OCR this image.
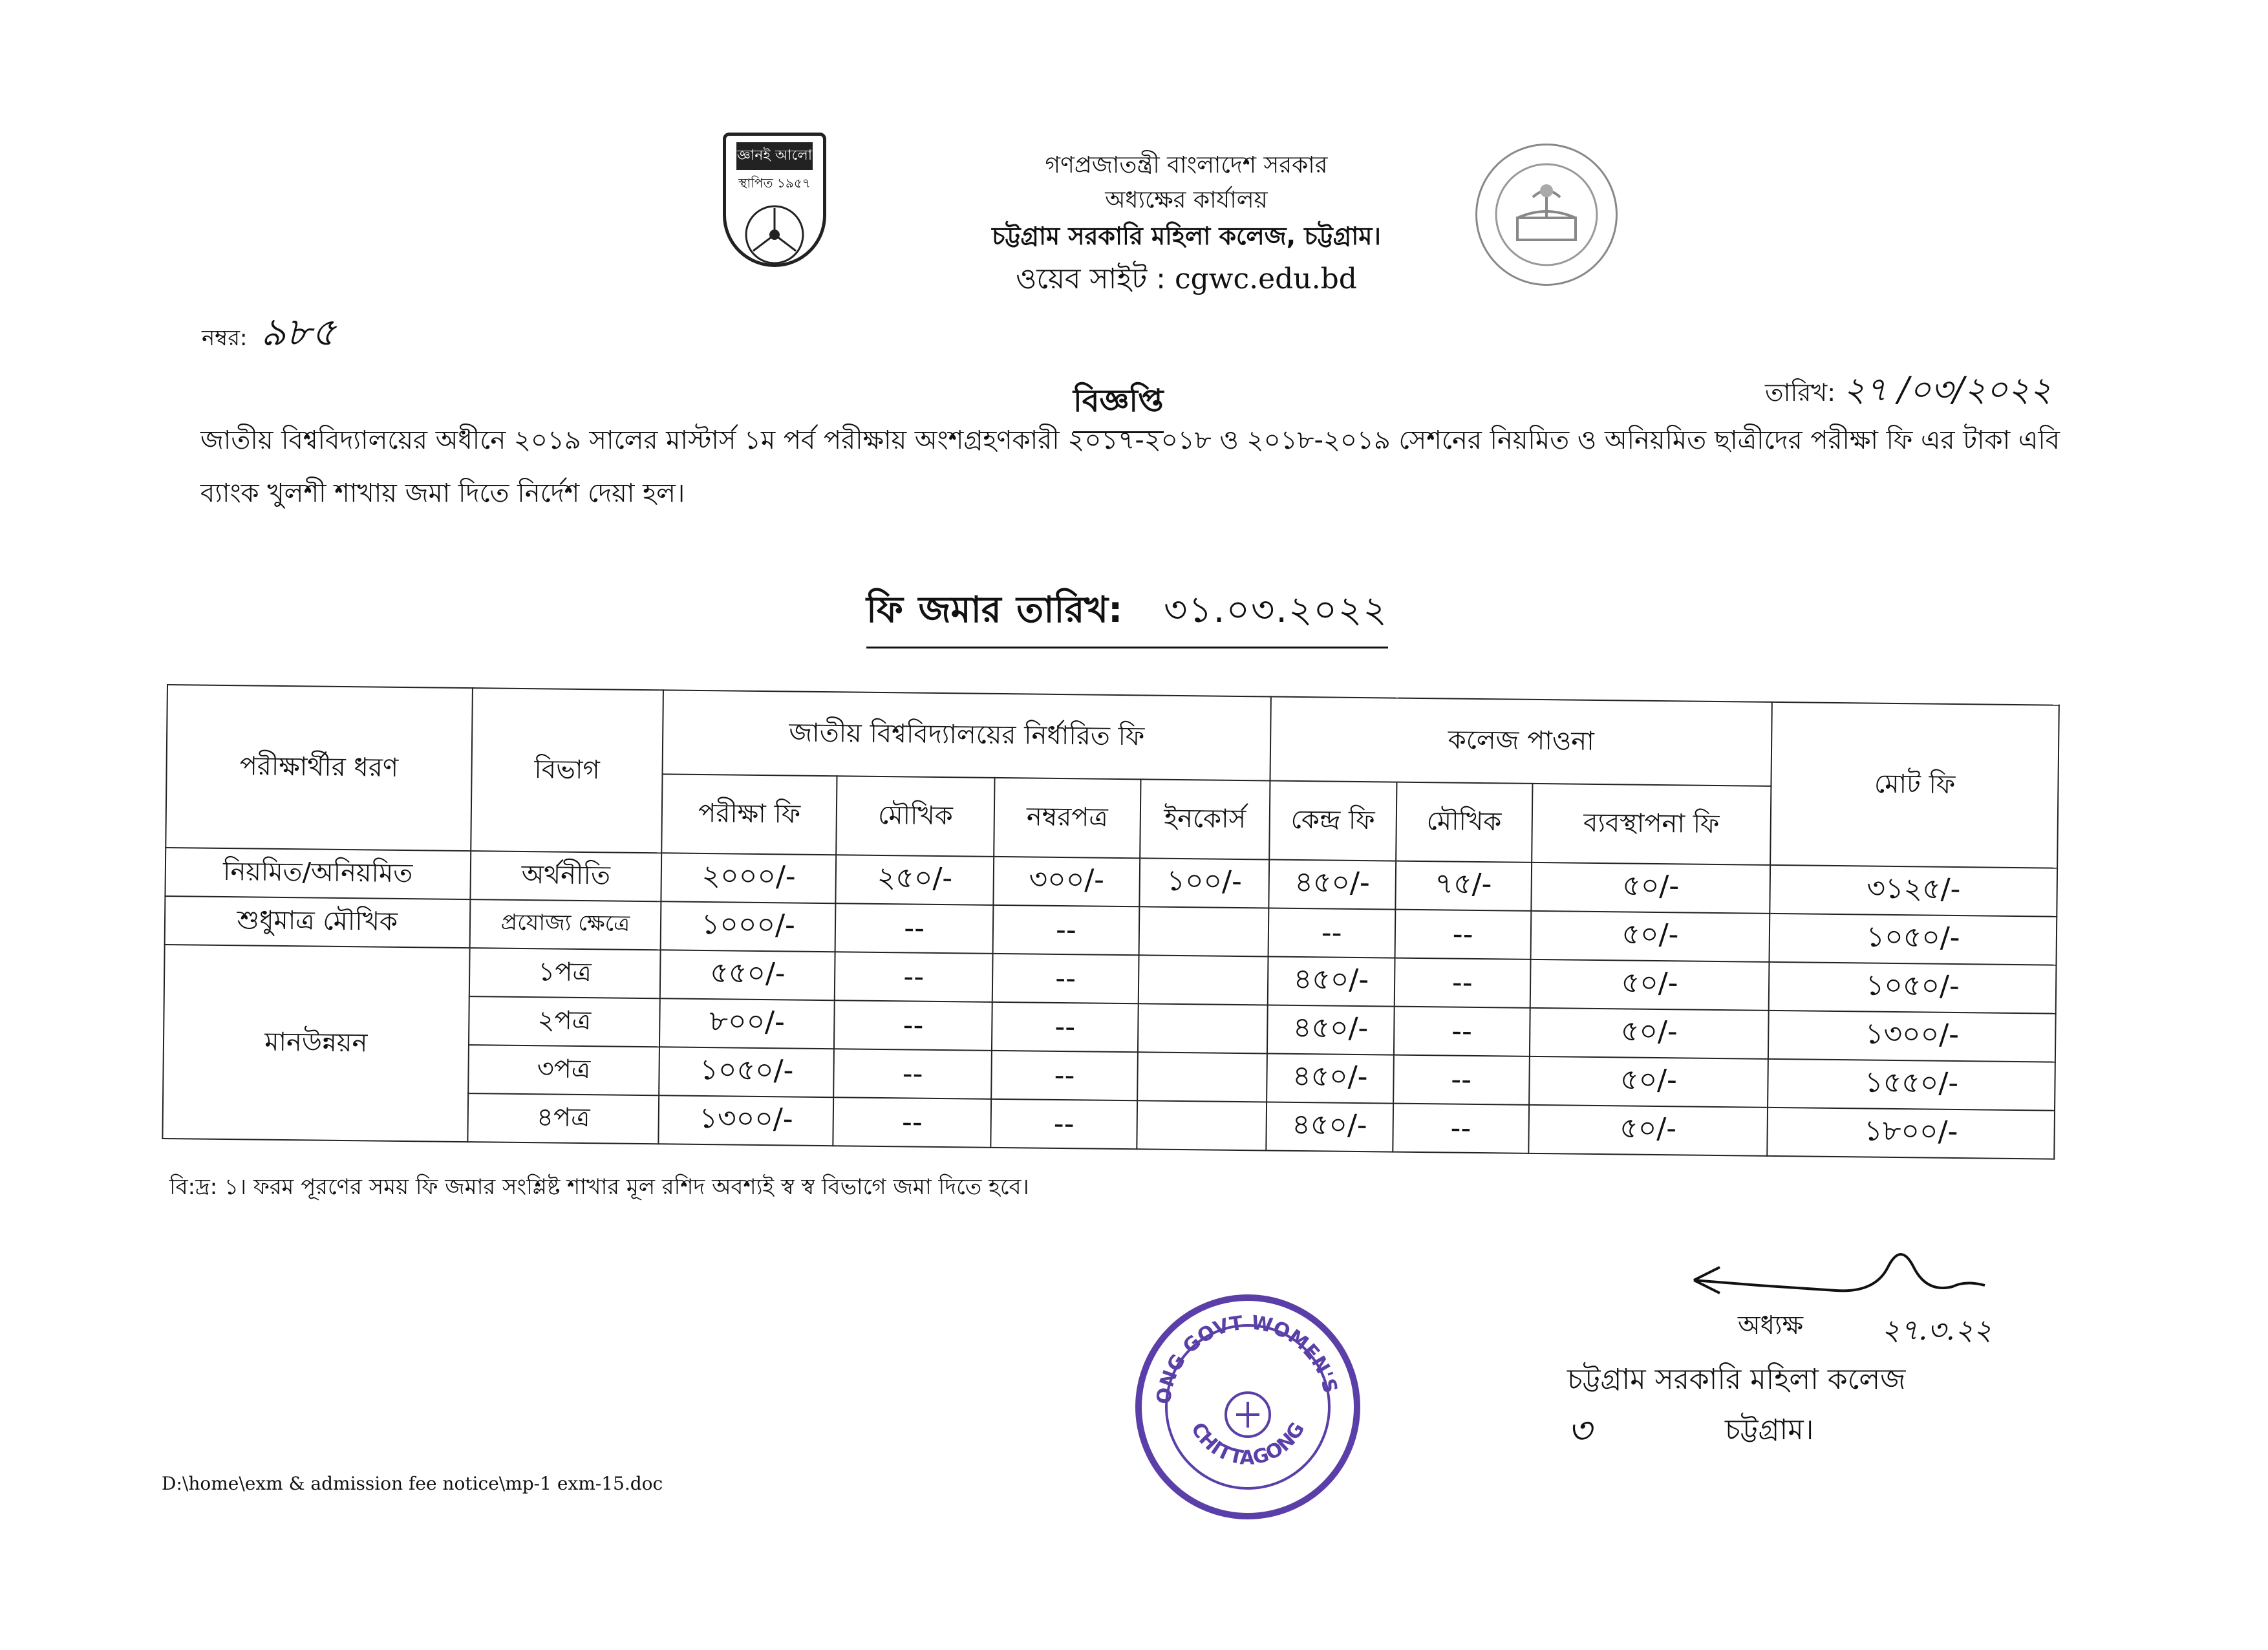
জ্ঞানই আলো
স্থাপিত ১৯৫৭
গণপ্রজাতন্ত্রী বাংলাদেশ সরকার
অধ্যক্ষের কার্যালয়
চট্টগ্রাম সরকারি মহিলা কলেজ, চট্টগ্রাম।
ওয়েব সাইট : cgwc.edu.bd
নম্বর: ৯৮৫
তারিখ: ২৭ /০৩/২০২২
বিজ্ঞপ্তি
জাতীয় বিশ্ববিদ্যালয়ের অধীনে ২০১৯ সালের মাস্টার্স ১ম পর্ব পরীক্ষায় অংশগ্রহণকারী ২০১৭-২০১৮ ও ২০১৮-২০১৯ সেশনের নিয়মিত ও অনিয়মিত ছাত্রীদের পরীক্ষা ফি এর টাকা এবি ব্যাংক খুলশী শাখায় জমা দিতে নির্দেশ দেয়া হল।
ফি জমার তারিখ: ৩১.০৩.২০২২
পরীক্ষার্থীর ধরণ	বিভাগ	জাতীয় বিশ্ববিদ্যালয়ের নির্ধারিত ফি				কলেজ পাওনা			মোট ফি
		পরীক্ষা ফি	মৌখিক	নম্বরপত্র	ইনকোর্স	কেন্দ্র ফি	মৌখিক	ব্যবস্থাপনা ফি	
নিয়মিত/অনিয়মিত	অর্থনীতি	২০০০/-	২৫০/-	৩০০/-	১০০/-	৪৫০/-	৭৫/-	৫০/-	৩১২৫/-
শুধুমাত্র মৌখিক	প্রযোজ্য ক্ষেত্রে	১০০০/-	--	--		--	--	৫০/-	১০৫০/-
মানউন্নয়ন	১পত্র	৫৫০/-	--	--		৪৫০/-	--	৫০/-	১০৫০/-
	২পত্র	৮০০/-	--	--		৪৫০/-	--	৫০/-	১৩০০/-
	৩পত্র	১০৫০/-	--	--		৪৫০/-	--	৫০/-	১৫৫০/-
	৪পত্র	১৩০০/-	--	--		৪৫০/-	--	৫০/-	১৮০০/-
বি:দ্র: ১। ফরম পূরণের সময় ফি জমার সংশ্লিষ্ট শাখার মূল রশিদ অবশ্যই স্ব স্ব বিভাগে জমা দিতে হবে।
অধ্যক্ষ	২৭.৩.২২
চট্টগ্রাম সরকারি মহিলা কলেজ
৩	চট্টগ্রাম।
ONG GOVT WOMEN'S
CHITTAGONG
D:\home\exm & admission fee notice\mp-1 exm-15.doc
